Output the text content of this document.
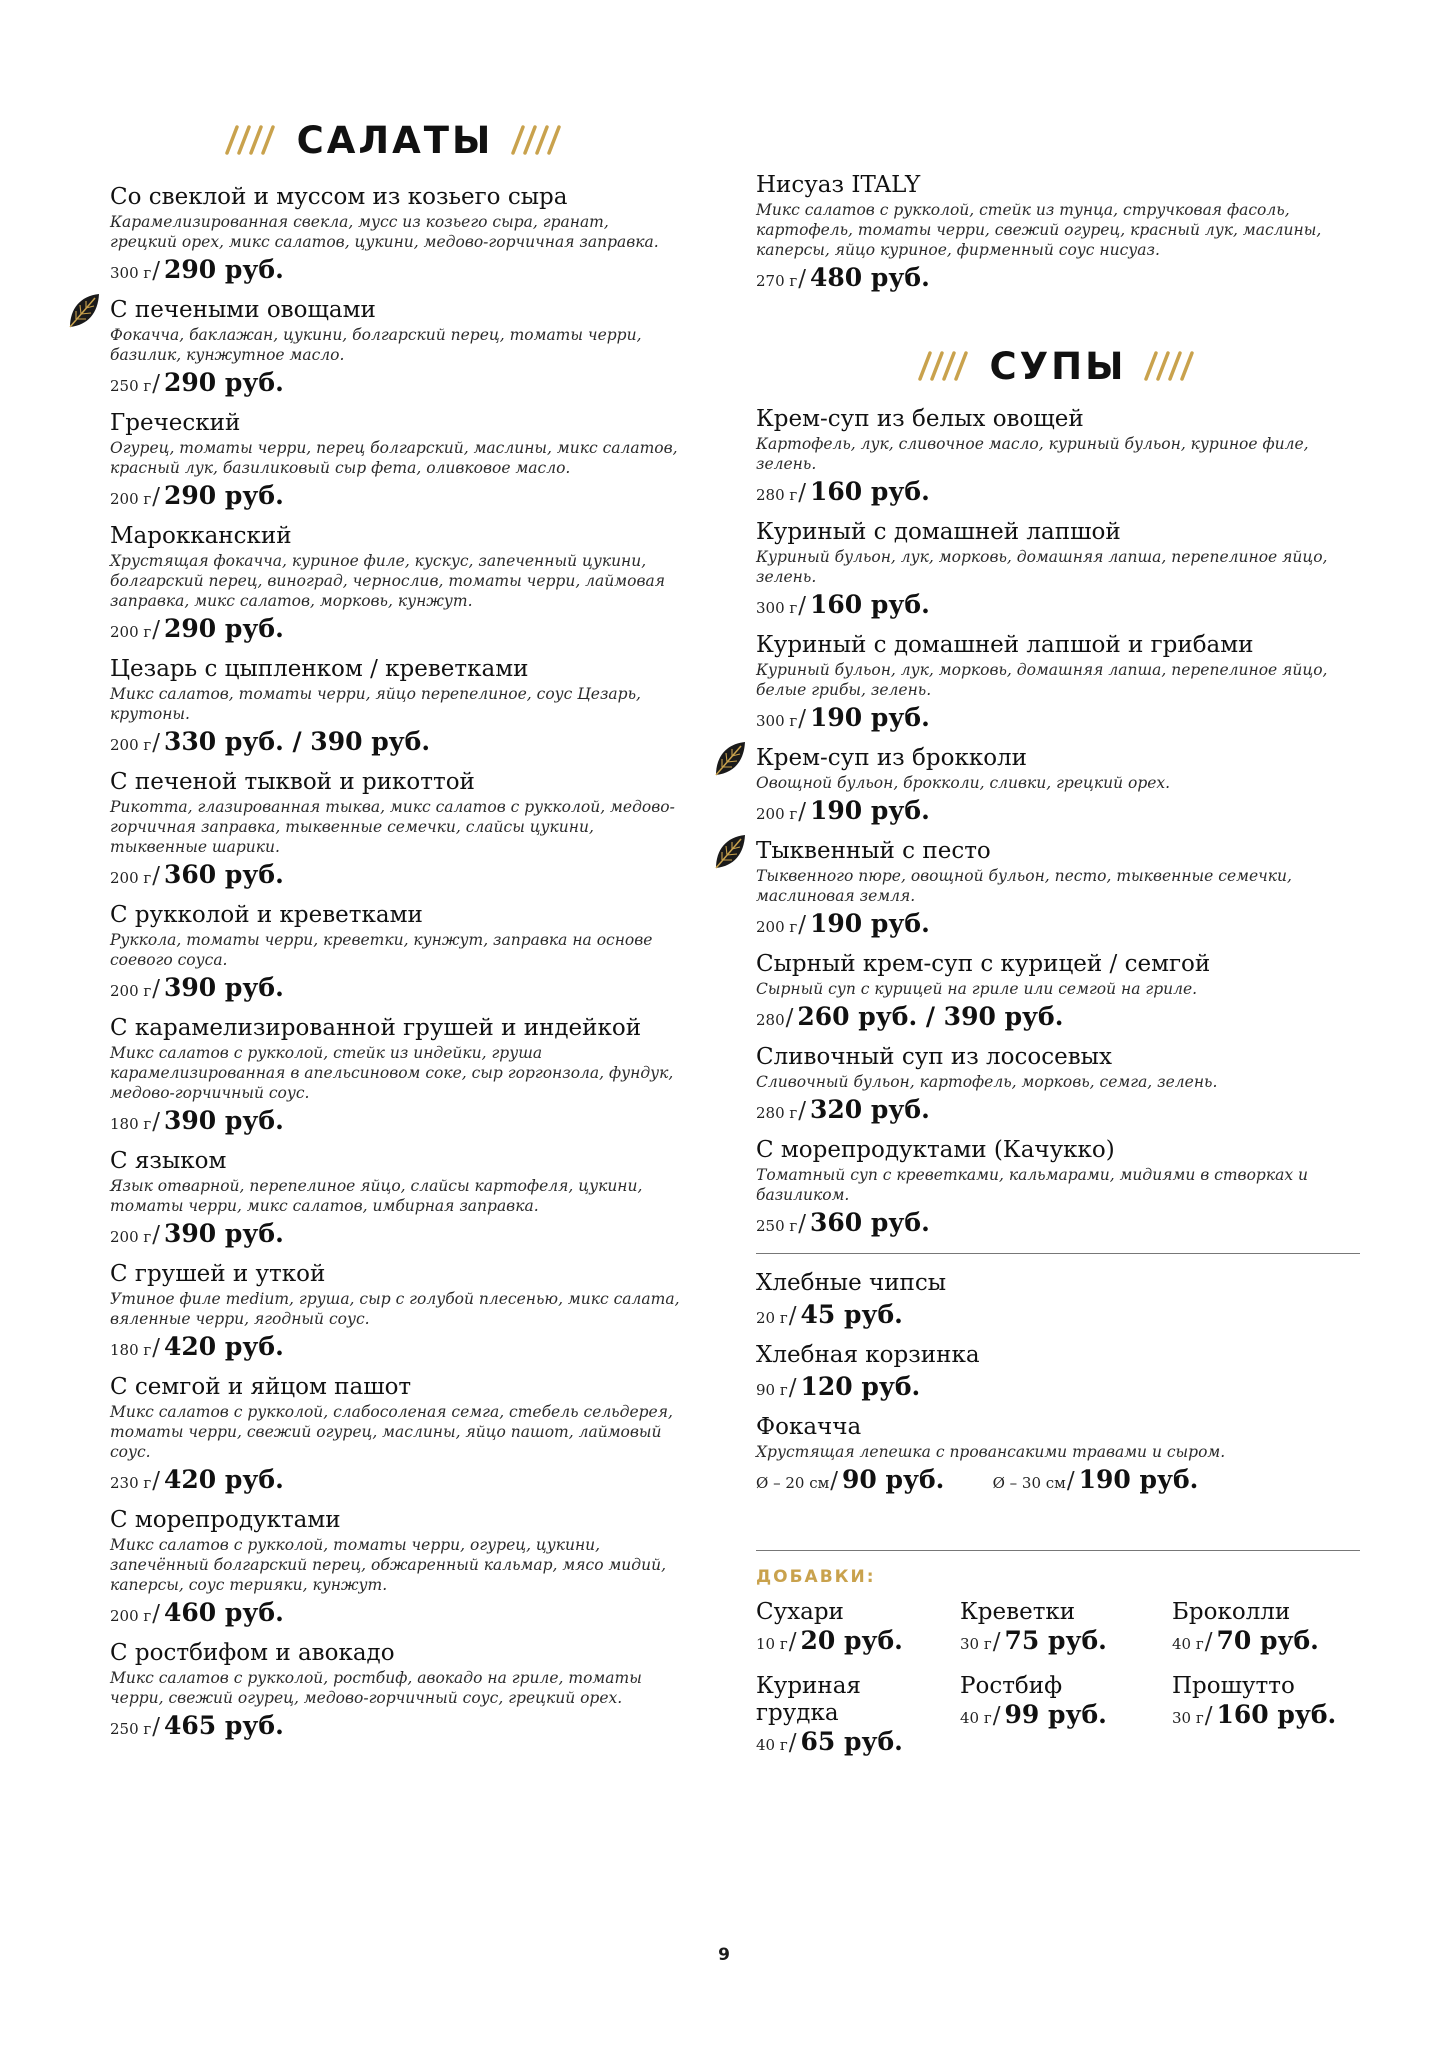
САЛАТЫ
Со свеклой и муссом из козьего сыра
Карамелизированная свекла, мусс из козьего сыра, гранат, грецкий орех, микс салатов, цукини, медово-горчичная заправка.
300 г/ 290 руб.
С печеными овощами
Фокачча, баклажан, цукини, болгарский перец, томаты черри, базилик, кунжутное масло.
250 г/ 290 руб.
Греческий
Огурец, томаты черри, перец болгарский, маслины, микс салатов, красный лук, базиликовый сыр фета, оливковое масло.
200 г/ 290 руб.
Марокканский
Хрустящая фокачча, куриное филе, кускус, запеченный цукини, болгарский перец, виноград, чернослив, томаты черри, лаймовая заправка, микс салатов, морковь, кунжут.
200 г/ 290 руб.
Цезарь с цыпленком / креветками
Микс салатов, томаты черри, яйцо перепелиное, соус Цезарь, крутоны.
200 г/ 330 руб. / 390 руб.
С печеной тыквой и рикоттой
Рикотта, глазированная тыква, микс салатов с рукколой, медово-горчичная заправка, тыквенные семечки, слайсы цукини, тыквенные шарики.
200 г/ 360 руб.
С рукколой и креветками
Руккола, томаты черри, креветки, кунжут, заправка на основе соевого соуса.
200 г/ 390 руб.
С карамелизированной грушей и индейкой
Микс салатов с рукколой, стейк из индейки, груша карамелизированная в апельсиновом соке, сыр горгонзола, фундук, медово-горчичный соус.
180 г/ 390 руб.
С языком
Язык отварной, перепелиное яйцо, слайсы картофеля, цукини, томаты черри, микс салатов, имбирная заправка.
200 г/ 390 руб.
С грушей и уткой
Утиное филе medium, груша, сыр с голубой плесенью, микс салата, вяленные черри, ягодный соус.
180 г/ 420 руб.
С семгой и яйцом пашот
Микс салатов с рукколой, слабосоленая семга, стебель сельдерея, томаты черри, свежий огурец, маслины, яйцо пашот, лаймовый соус.
230 г/ 420 руб.
С морепродуктами
Микс салатов с рукколой, томаты черри, огурец, цукини, запечённый болгарский перец, обжаренный кальмар, мясо мидий, каперсы, соус терияки, кунжут.
200 г/ 460 руб.
С ростбифом и авокадо
Микс салатов с рукколой, ростбиф, авокадо на гриле, томаты черри, свежий огурец, медово-горчичный соус, грецкий орех.
250 г/ 465 руб.
Нисуаз ITALY
Микс салатов с рукколой, стейк из тунца, стручковая фасоль, картофель, томаты черри, свежий огурец, красный лук, маслины, каперсы, яйцо куриное, фирменный соус нисуаз.
270 г/ 480 руб.
СУПЫ
Крем-суп из белых овощей
Картофель, лук, сливочное масло, куриный бульон, куриное филе, зелень.
280 г/ 160 руб.
Куриный с домашней лапшой
Куриный бульон, лук, морковь, домашняя лапша, перепелиное яйцо, зелень.
300 г/ 160 руб.
Куриный с домашней лапшой и грибами
Куриный бульон, лук, морковь, домашняя лапша, перепелиное яйцо, белые грибы, зелень.
300 г/ 190 руб.
Крем-суп из брокколи
Овощной бульон, брокколи, сливки, грецкий орех.
200 г/ 190 руб.
Тыквенный с песто
Тыквенного пюре, овощной бульон, песто, тыквенные семечки, маслиновая земля.
200 г/ 190 руб.
Сырный крем-суп с курицей / семгой
Сырный суп с курицей на гриле или семгой на гриле.
280/ 260 руб. / 390 руб.
Сливочный суп из лососевых
Сливочный бульон, картофель, морковь, семга, зелень.
280 г/ 320 руб.
С морепродуктами (Качукко)
Томатный суп с креветками, кальмарами, мидиями в створках и базиликом.
250 г/ 360 руб.
Хлебные чипсы
20 г/ 45 руб.
Хлебная корзинка
90 г/ 120 руб.
Фокачча
Хрустящая лепешка с провансакими травами и сыром.
Ø – 20 см/ 90 руб.	Ø – 30 см/ 190 руб.
ДОБАВКИ:
Сухари
10 г/ 20 руб.
Креветки
30 г/ 75 руб.
Броколли
40 г/ 70 руб.
Куриная грудка
40 г/ 65 руб.
Ростбиф
40 г/ 99 руб.
Прошутто
30 г/ 160 руб.
9
